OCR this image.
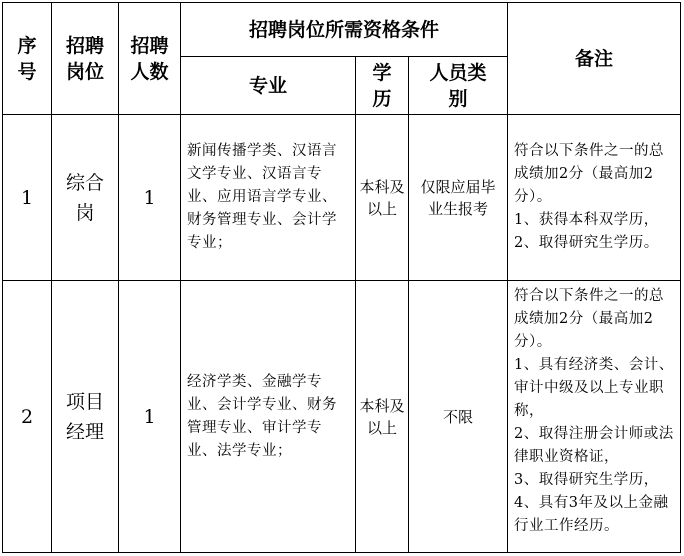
序号	招聘岗位	招聘人数	招聘岗位所需资格条件			备注
			专业	学历	人员类别	

1	综合岗	1	新闻传播学类、汉语言文学专业、汉语言专业、应用语言学专业、财务管理专业、会计学专业；	本科及以上	仅限应届毕业生报考	符合以下条件之一的总成绩加2分（最高加2分）。
1、获得本科双学历，
2、取得研究生学历。

2	项目经理	1	经济学类、金融学专业、会计学专业、财务管理专业、审计学专业、法学专业；	本科及以上	不限	符合以下条件之一的总成绩加2分（最高加2分）。
1、具有经济类、会计、审计中级及以上专业职称，
2、取得注册会计师或法律职业资格证，
3、取得研究生学历，
4、具有3年及以上金融行业工作经历。
